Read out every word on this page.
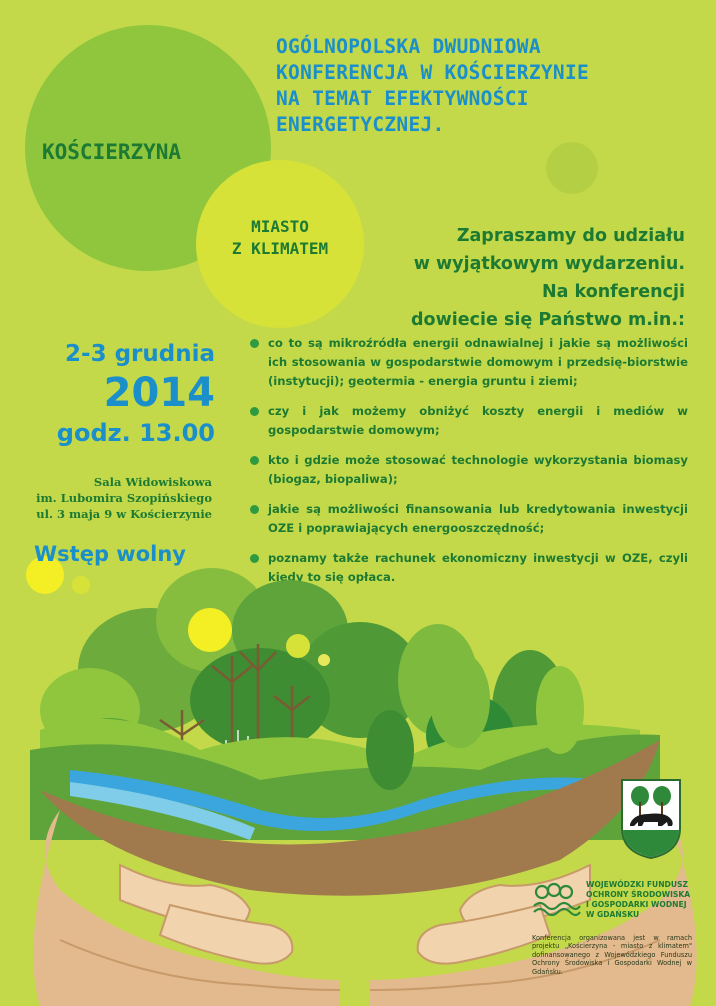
OGÓLNOPOLSKA DWUDNIOWA
KONFERENCJA W KOŚCIERZYNIE
NA TEMAT EFEKTYWNOŚCI
ENERGETYCZNEJ.
KOŚCIERZYNA
MIASTO
Z KLIMATEM
Zapraszamy do udziału
w wyjątkowym wydarzeniu.
Na konferencji
dowiecie się Państwo m.in.:
2-3 grudnia
2014
godz. 13.00
Sala Widowiskowa
im. Lubomira Szopińskiego
ul. 3 maja 9 w Kościerzynie
Wstęp wolny
co to są mikroźródła energii odnawialnej i jakie są możliwości ich stosowania w gospodarstwie domowym i przedsię-biorstwie (instytucji); geotermia - energia gruntu i ziemi;
czy i jak możemy obniżyć koszty energii i mediów w gospodarstwie domowym;
kto i gdzie może stosować technologie wykorzystania biomasy (biogaz, biopaliwa);
jakie są możliwości finansowania lub kredytowania inwestycji OZE i poprawiających energooszczędność;
poznamy także rachunek ekonomiczny inwestycji w OZE, czyli kiedy to się opłaca.
WOJEWÓDZKI FUNDUSZ
OCHRONY ŚRODOWISKA
I GOSPODARKI WODNEJ
W GDAŃSKU
Konferencja organizowana jest w ramach projektu „Kościerzyna - miasto z klimatem" dofinansowanego z Wojewódzkiego Funduszu Ochrony Środowiska i Gospodarki Wodnej w Gdańsku.
